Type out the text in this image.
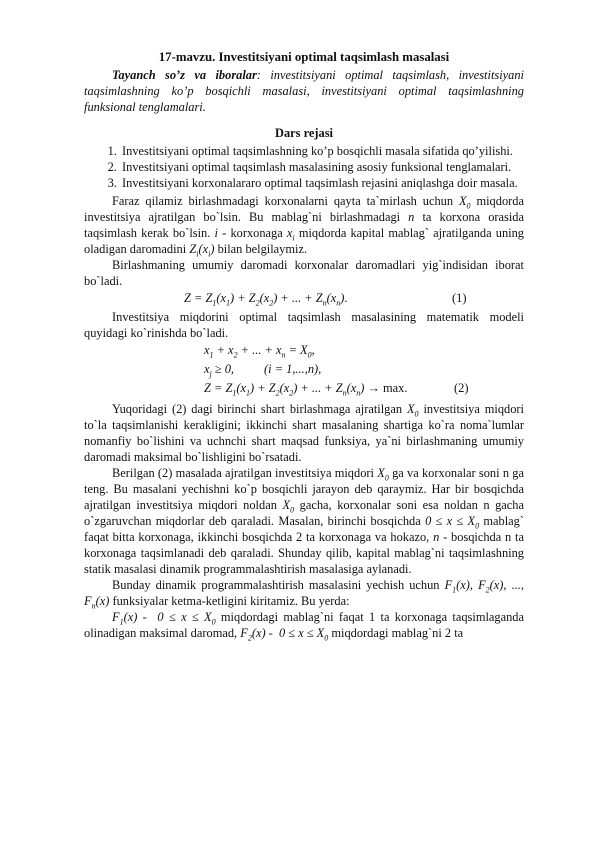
17-mavzu. Investitsiyani optimal taqsimlash masalasi

Tayanch so’z va iboralar: investitsiyani optimal taqsimlash, investitsiyani taqsimlashning ko’p bosqichli masalasi, investitsiyani optimal taqsimlashning funksional tenglamalari.

Dars rejasi

1. Investitsiyani optimal taqsimlashning ko’p bosqichli masala sifatida qo’yilishi.
2. Investitsiyani optimal taqsimlash masalasining asosiy funksional tenglamalari.
3. Investitsiyani korxonalararo optimal taqsimlash rejasini aniqlashga doir masala.

Faraz qilamiz birlashmadagi korxonalarni qayta ta`mirlash uchun $X_0$ miqdorda investitsiya ajratilgan bo`lsin. Bu mablag`ni birlashmadagi n ta korxona orasida taqsimlash kerak bo`lsin. i - korxonaga $x_i$ miqdorda kapital mablag` ajratilganda uning oladigan daromadini $Z_i(x_i)$ bilan belgilaymiz.

Birlashmaning umumiy daromadi korxonalar daromadlari yig`indisidan iborat bo`ladi.

$Z = Z_1(x_1) + Z_2(x_2)$ + ... + $Z_n(x_n)$.	(1)

Investitsiya miqdorini optimal taqsimlash masalasining matematik modeli quyidagi ko`rinishda bo`ladi.

$x_1 + x_2$ + ... + $x_n = X_0$,
$x_j \ge 0$, (i = 1,...,n),
$Z = Z_1(x_1) + Z_2(x_2)$ + ... + $Z_n(x_n) \to \max$.	(2)

Yuqoridagi (2) dagi birinchi shart birlashmaga ajratilgan $X_0$ investitsiya miqdori to`la taqsimlanishi kerakligini; ikkinchi shart masalaning shartiga ko`ra noma`lumlar nomanfiy bo`lishini va uchnchi shart maqsad funksiya, ya`ni birlashmaning umumiy daromadi maksimal bo`lishligini bo`rsatadi.

Berilgan (2) masalada ajratilgan investitsiya miqdori $X_0$ ga va korxonalar soni n ga teng. Bu masalani yechishni ko`p bosqichli jarayon deb qaraymiz. Har bir bosqichda ajratilgan investitsiya miqdori noldan $X_0$ gacha, korxonalar soni esa noldan n gacha o`zgaruvchan miqdorlar deb qaraladi. Masalan, birinchi bosqichda $0 \le x \le X_0$ mablag` faqat bitta korxonaga, ikkinchi bosqichda 2 ta korxonaga va hokazo, n - bosqichda n ta korxonaga taqsimlanadi deb qaraladi. Shunday qilib, kapital mablag`ni taqsimlashning statik masalasi dinamik programmalashtirish masalasiga aylanadi.

Bunday dinamik programmalashtirish masalasini yechish uchun $F_1(x)$, $F_2(x)$, ..., $F_n(x)$ funksiyalar ketma-ketligini kiritamiz. Bu yerda:

$F_1(x) - 0 \le x \le X_0$ miqdordagi mablag`ni faqat 1 ta korxonaga taqsimlaganda olinadigan maksimal daromad, $F_2(x) - 0 \le x \le X_0$ miqdordagi mablag`ni 2 ta
